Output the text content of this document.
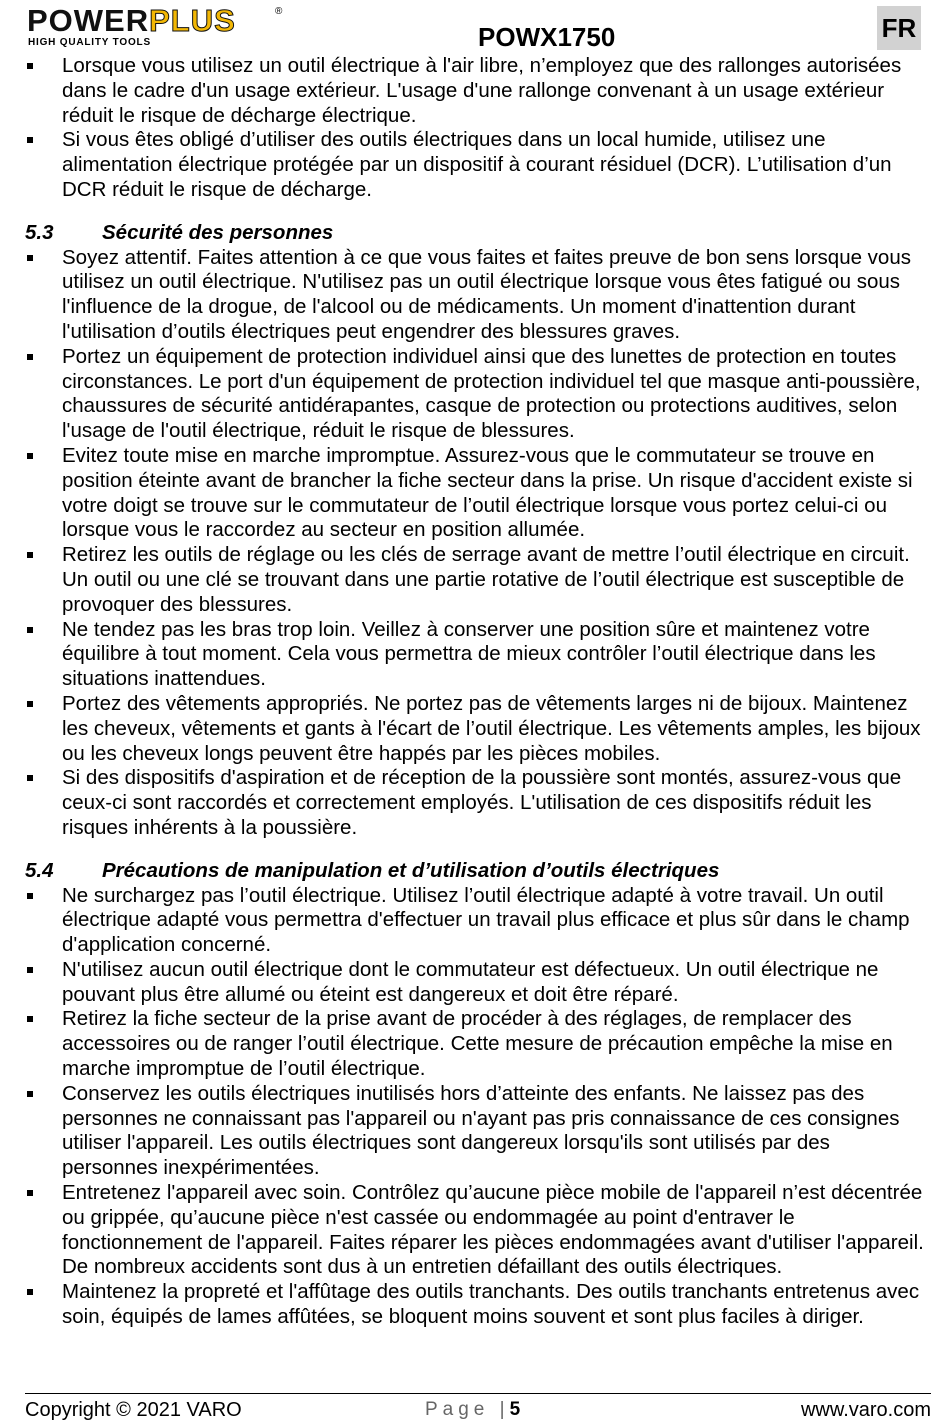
POWERPLUS	®
HIGH QUALITY TOOLS	POWX1750	FR
Lorsque vous utilisez un outil électrique à l'air libre, n’employez que des rallonges autorisées dans le cadre d'un usage extérieur. L'usage d'une rallonge convenant à un usage extérieur réduit le risque de décharge électrique.
Si vous êtes obligé d’utiliser des outils électriques dans un local humide, utilisez une alimentation électrique protégée par un dispositif à courant résiduel (DCR). L’utilisation d’un DCR réduit le risque de décharge.
5.3 Sécurité des personnes
Soyez attentif. Faites attention à ce que vous faites et faites preuve de bon sens lorsque vous utilisez un outil électrique. N'utilisez pas un outil électrique lorsque vous êtes fatigué ou sous l'influence de la drogue, de l'alcool ou de médicaments. Un moment d'inattention durant l'utilisation d’outils électriques peut engendrer des blessures graves.
Portez un équipement de protection individuel ainsi que des lunettes de protection en toutes circonstances. Le port d'un équipement de protection individuel tel que masque anti-poussière, chaussures de sécurité antidérapantes, casque de protection ou protections auditives, selon l'usage de l'outil électrique, réduit le risque de blessures.
Evitez toute mise en marche impromptue. Assurez-vous que le commutateur se trouve en position éteinte avant de brancher la fiche secteur dans la prise. Un risque d'accident existe si votre doigt se trouve sur le commutateur de l’outil électrique lorsque vous portez celui-ci ou lorsque vous le raccordez au secteur en position allumée.
Retirez les outils de réglage ou les clés de serrage avant de mettre l’outil électrique en circuit. Un outil ou une clé se trouvant dans une partie rotative de l’outil électrique est susceptible de provoquer des blessures.
Ne tendez pas les bras trop loin. Veillez à conserver une position sûre et maintenez votre équilibre à tout moment. Cela vous permettra de mieux contrôler l’outil électrique dans les situations inattendues.
Portez des vêtements appropriés. Ne portez pas de vêtements larges ni de bijoux. Maintenez les cheveux, vêtements et gants à l'écart de l’outil électrique. Les vêtements amples, les bijoux ou les cheveux longs peuvent être happés par les pièces mobiles.
Si des dispositifs d'aspiration et de réception de la poussière sont montés, assurez-vous que ceux-ci sont raccordés et correctement employés. L'utilisation de ces dispositifs réduit les risques inhérents à la poussière.
5.4 Précautions de manipulation et d’utilisation d’outils électriques
Ne surchargez pas l’outil électrique. Utilisez l’outil électrique adapté à votre travail. Un outil électrique adapté vous permettra d'effectuer un travail plus efficace et plus sûr dans le champ d'application concerné.
N'utilisez aucun outil électrique dont le commutateur est défectueux. Un outil électrique ne pouvant plus être allumé ou éteint est dangereux et doit être réparé.
Retirez la fiche secteur de la prise avant de procéder à des réglages, de remplacer des accessoires ou de ranger l’outil électrique. Cette mesure de précaution empêche la mise en marche impromptue de l’outil électrique.
Conservez les outils électriques inutilisés hors d’atteinte des enfants. Ne laissez pas des personnes ne connaissant pas l'appareil ou n'ayant pas pris connaissance de ces consignes utiliser l'appareil. Les outils électriques sont dangereux lorsqu'ils sont utilisés par des personnes inexpérimentées.
Entretenez l'appareil avec soin. Contrôlez qu’aucune pièce mobile de l'appareil n’est décentrée ou grippée, qu’aucune pièce n'est cassée ou endommagée au point d'entraver le fonctionnement de l'appareil. Faites réparer les pièces endommagées avant d'utiliser l'appareil. De nombreux accidents sont dus à un entretien défaillant des outils électriques.
Maintenez la propreté et l'affûtage des outils tranchants. Des outils tranchants entretenus avec soin, équipés de lames affûtées, se bloquent moins souvent et sont plus faciles à diriger.
Copyright © 2021 VARO	Page |5	www.varo.com
